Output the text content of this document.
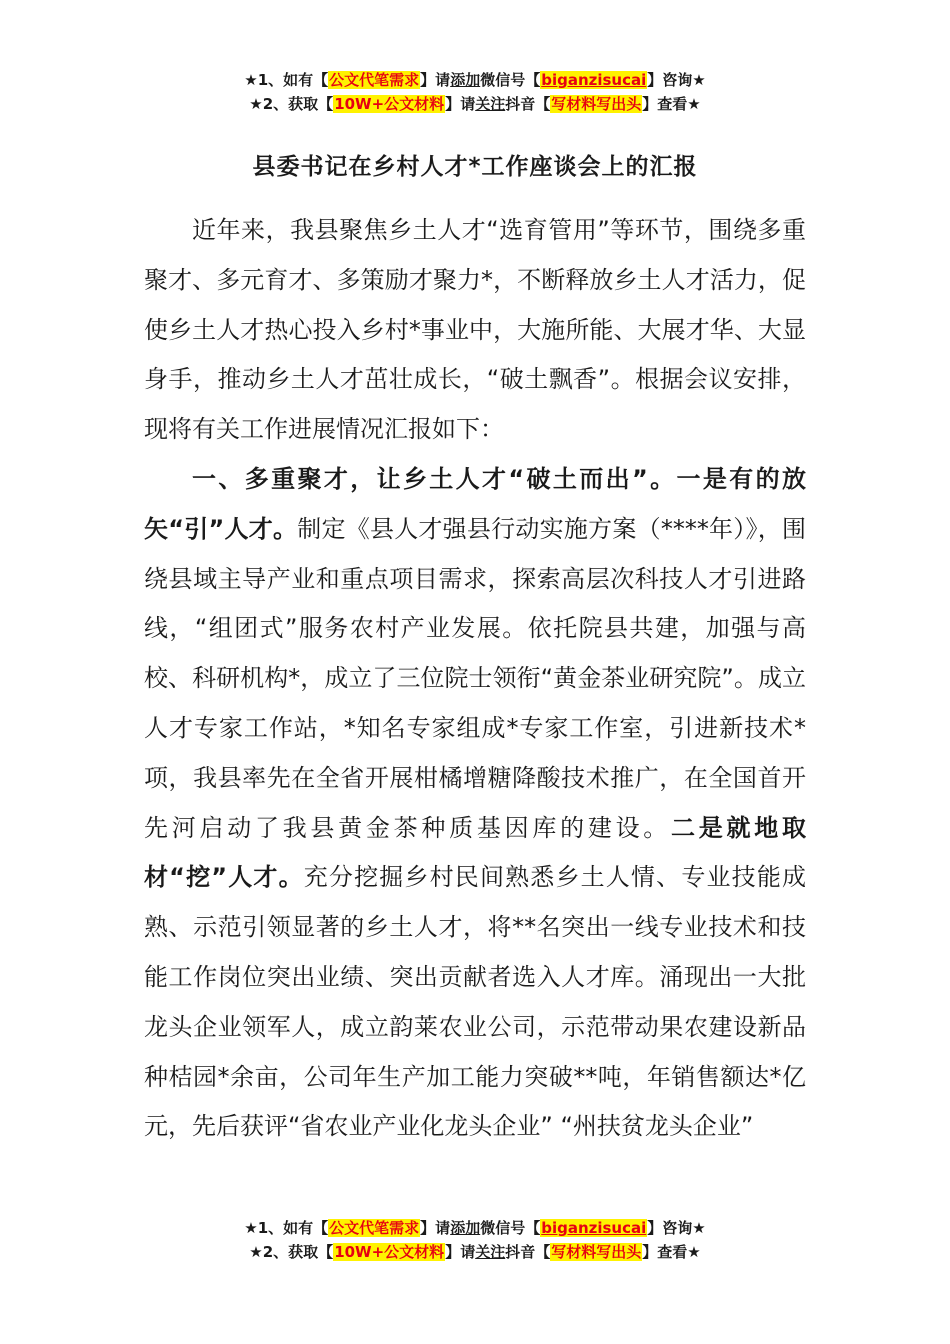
★1、如有【公文代笔需求】请添加微信号【biganzisucai】咨询★
★2、获取【10W+公文材料】请关注抖音【写材料写出头】查看★
县委书记在乡村人才*工作座谈会上的汇报

近年来，我县聚焦乡土人才“选育管用”等环节，围绕多重聚才、多元育才、多策励才聚力*，不断释放乡土人才活力，促使乡土人才热心投入乡村*事业中，大施所能、大展才华、大显身手，推动乡土人才茁壮成长，“破土飘香”。根据会议安排，现将有关工作进展情况汇报如下：

一、多重聚才，让乡土人才“破土而出”。一是有的放矢“引”人才。制定《县人才强县行动实施方案（****年）》，围绕县域主导产业和重点项目需求，探索高层次科技人才引进路线，“组团式”服务农村产业发展。依托院县共建，加强与高校、科研机构*，成立了三位院士领衔“黄金茶业研究院”。成立人才专家工作站，*知名专家组成*专家工作室，引进新技术*项，我县率先在全省开展柑橘增糖降酸技术推广，在全国首开先河启动了我县黄金茶种质基因库的建设。二是就地取材“挖”人才。充分挖掘乡村民间熟悉乡土人情、专业技能成熟、示范引领显著的乡土人才，将**名突出一线专业技术和技能工作岗位突出业绩、突出贡献者选入人才库。涌现出一大批龙头企业领军人，成立韵莱农业公司，示范带动果农建设新品种桔园*余亩，公司年生产加工能力突破**吨，年销售额达*亿元，先后获评“省农业产业化龙头企业” “州扶贫龙头企业”

★1、如有【公文代笔需求】请添加微信号【biganzisucai】咨询★
★2、获取【10W+公文材料】请关注抖音【写材料写出头】查看★
